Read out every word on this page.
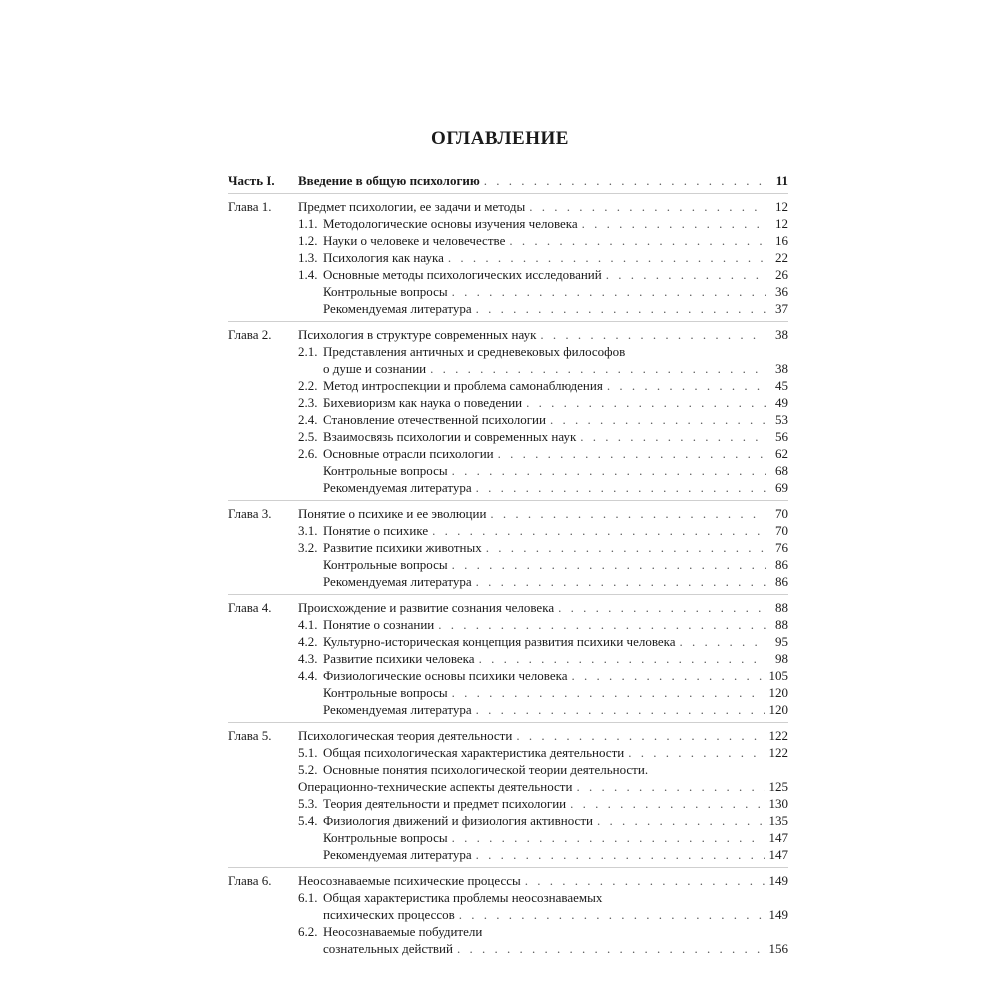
ОГЛАВЛЕНИЕ
Часть I. Введение в общую психологию . . .	11
Глава 1. Предмет психологии, ее задачи и методы . . .	12
1.1. Методологические основы изучения человека . . .	12
1.2. Науки о человеке и человечестве . . .	16
1.3. Психология как наука . . .	22
1.4. Основные методы психологических исследований . . .	26
Контрольные вопросы . . .	36
Рекомендуемая литература . . .	37
Глава 2. Психология в структуре современных наук . . .	38
2.1. Представления античных и средневековых философов
о душе и сознании . . .	38
2.2. Метод интроспекции и проблема самонаблюдения . . .	45
2.3. Бихевиоризм как наука о поведении . . .	49
2.4. Становление отечественной психологии . . .	53
2.5. Взаимосвязь психологии и современных наук . . .	56
2.6. Основные отрасли психологии . . .	62
Контрольные вопросы . . .	68
Рекомендуемая литература . . .	69
Глава 3. Понятие о психике и ее эволюции . . .	70
3.1. Понятие о психике . . .	70
3.2. Развитие психики животных . . .	76
Контрольные вопросы . . .	86
Рекомендуемая литература . . .	86
Глава 4. Происхождение и развитие сознания человека . . .	88
4.1. Понятие о сознании . . .	88
4.2. Культурно-историческая концепция развития психики человека . . .	95
4.3. Развитие психики человека . . .	98
4.4. Физиологические основы психики человека . . .	105
Контрольные вопросы . . .	120
Рекомендуемая литература . . .	120
Глава 5. Психологическая теория деятельности . . .	122
5.1. Общая психологическая характеристика деятельности . . .	122
5.2. Основные понятия психологической теории деятельности.
Операционно-технические аспекты деятельности . . .	125
5.3. Теория деятельности и предмет психологии . . .	130
5.4. Физиология движений и физиология активности . . .	135
Контрольные вопросы . . .	147
Рекомендуемая литература . . .	147
Глава 6. Неосознаваемые психические процессы . . .	149
6.1. Общая характеристика проблемы неосознаваемых
психических процессов . . .	149
6.2. Неосознаваемые побудители
сознательных действий . . .	156
